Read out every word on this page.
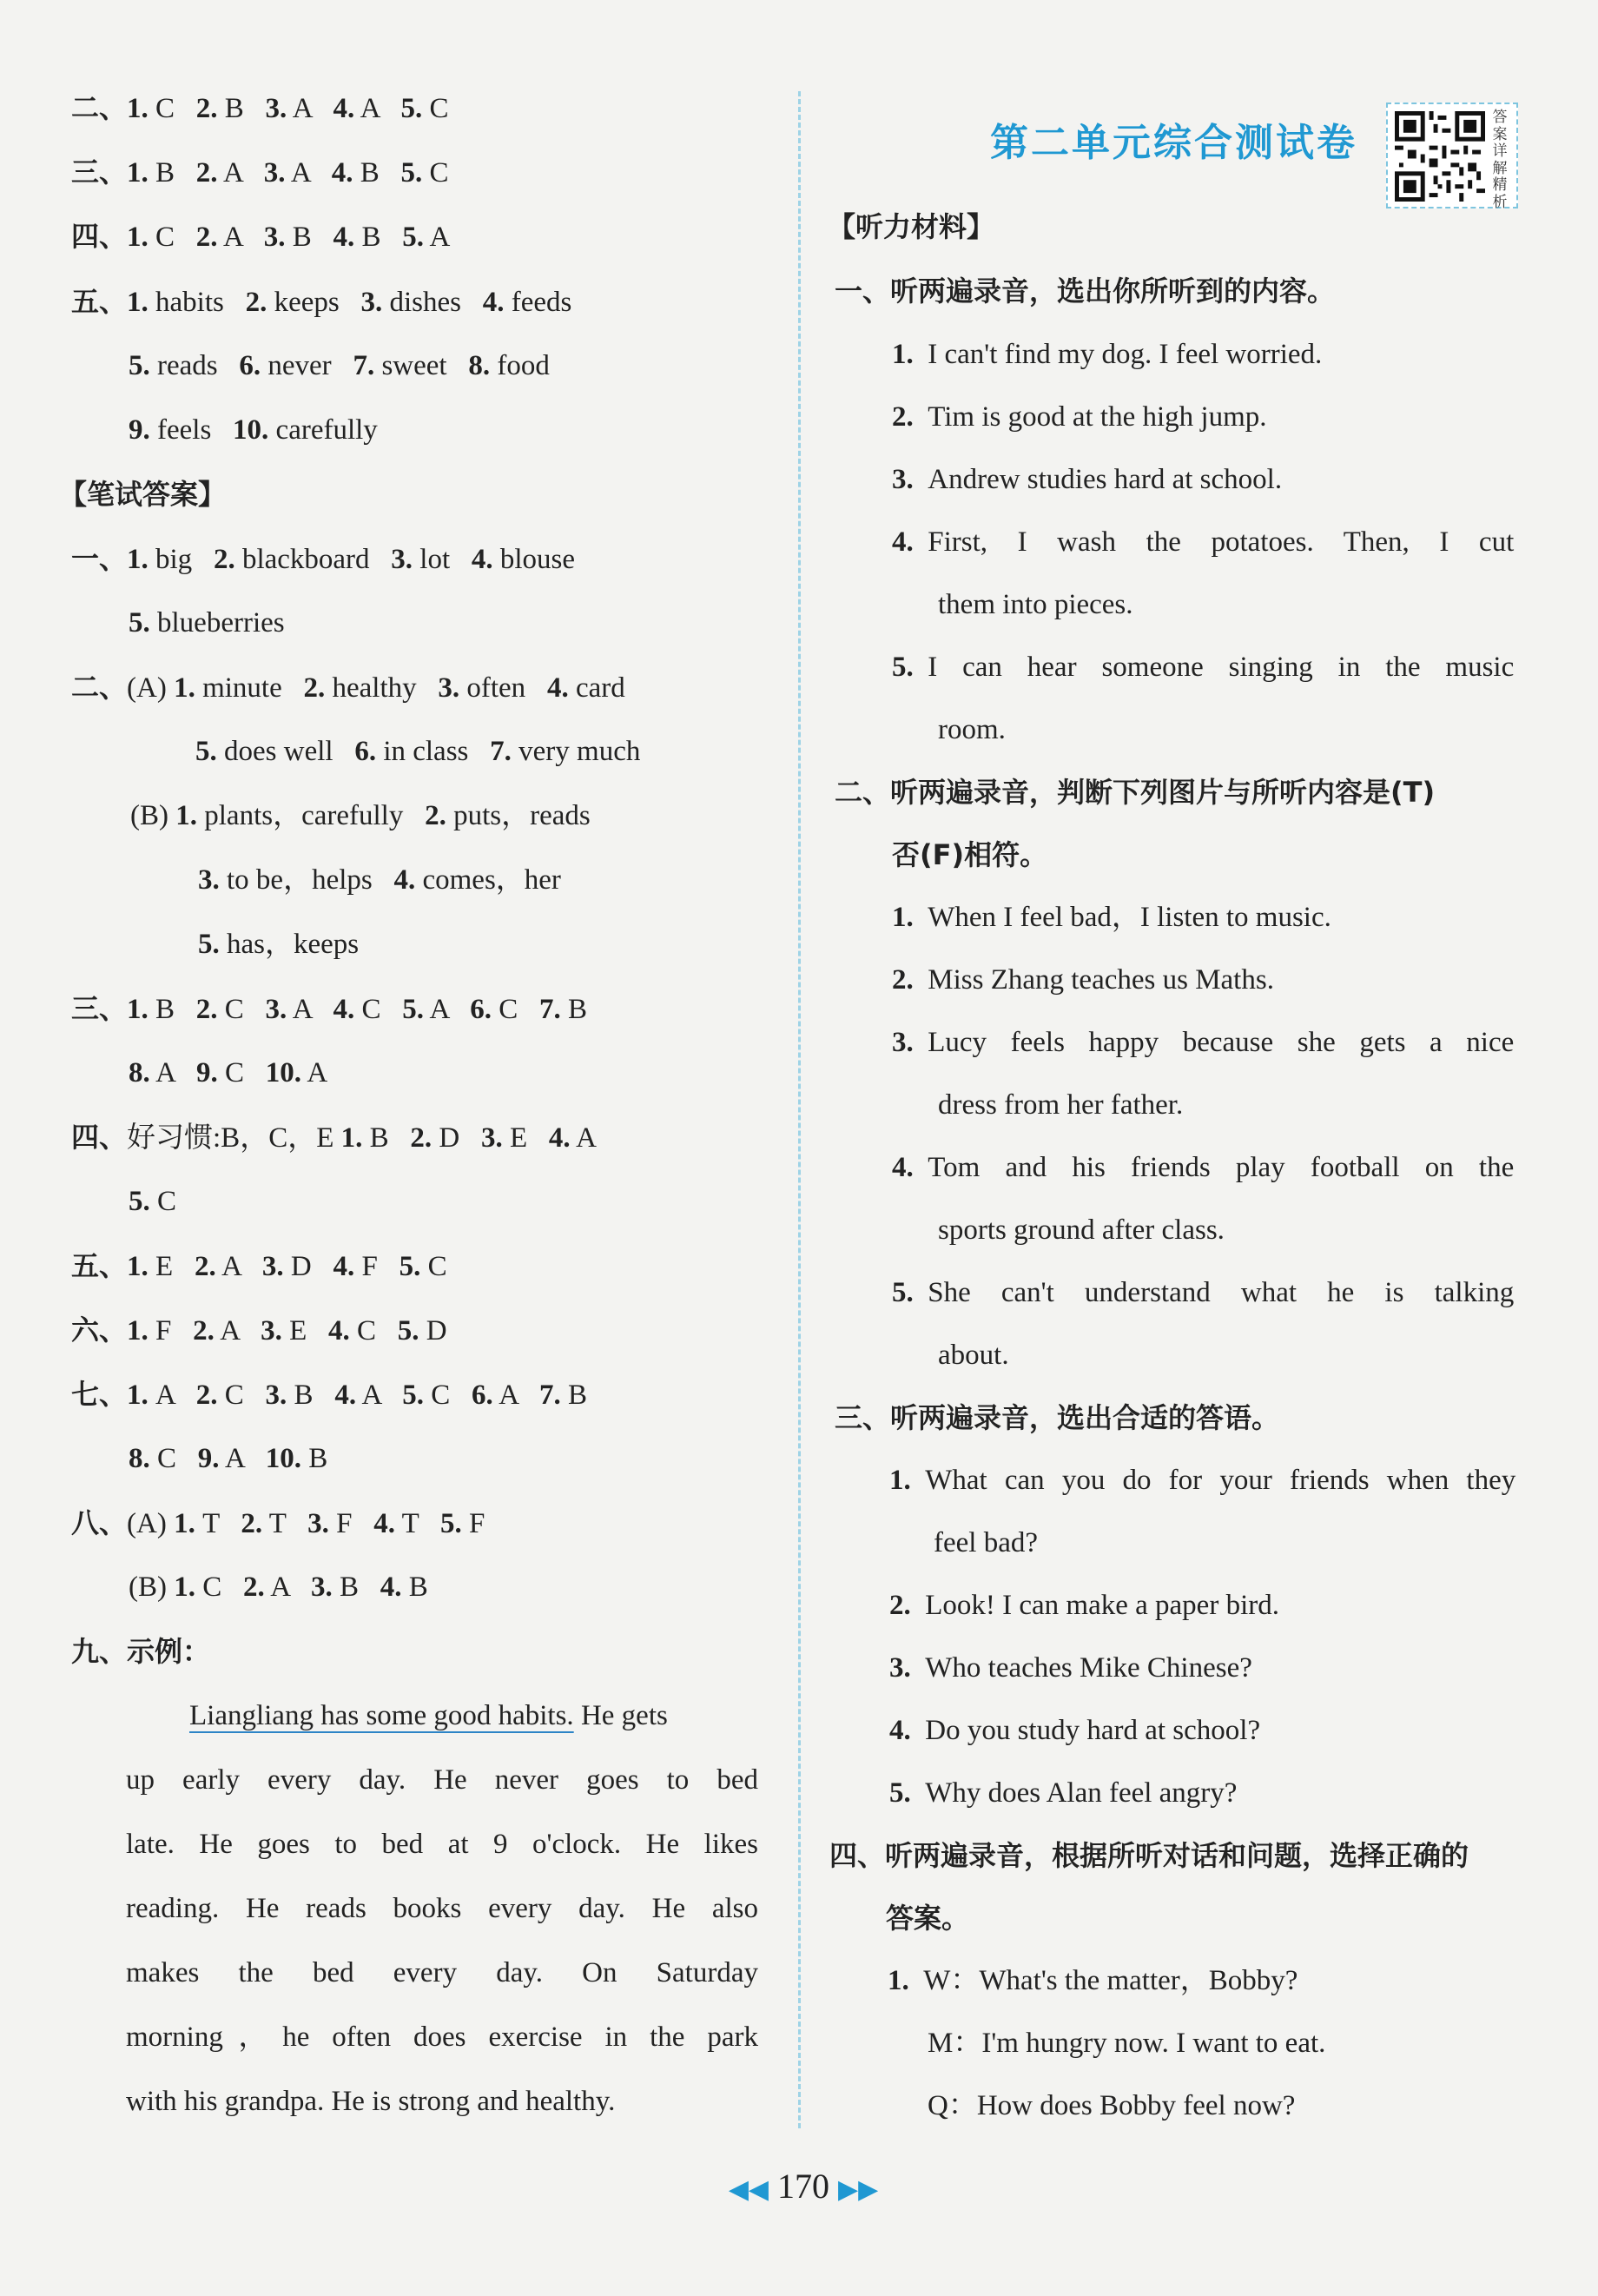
二、1. C   2. B   3. A   4. A   5. C
三、1. B   2. A   3. A   4. B   5. C
四、1. C   2. A   3. B   4. B   5. A
五、1. habits   2. keeps   3. dishes   4. feeds
5. reads   6. never   7. sweet   8. food
9. feels   10. carefully
【笔试答案】
一、1. big   2. blackboard   3. lot   4. blouse
5. blueberries
二、(A) 1. minute   2. healthy   3. often   4. card
5. does well   6. in class   7. very much
(B) 1. plants，carefully   2. puts，reads
3. to be，helps   4. comes，her
5. has，keeps
三、1. B   2. C   3. A   4. C   5. A   6. C   7. B
8. A   9. C   10. A
四、好习惯:B，C，E 1. B   2. D   3. E   4. A
5. C
五、1. E   2. A   3. D   4. F   5. C
六、1. F   2. A   3. E   4. C   5. D
七、1. A   2. C   3. B   4. A   5. C   6. A   7. B
8. C   9. A   10. B
八、(A) 1. T   2. T   3. F   4. T   5. F
(B) 1. C   2. A   3. B   4. B
九、示例：
Liangliang has some good habits. He gets
up early every day. He never goes to bed
late. He goes to bed at 9 o'clock. He likes
reading. He reads books every day. He also
makes the bed every day. On Saturday
morning，he often does exercise in the park
with his grandpa. He is strong and healthy.
第二单元综合测试卷
答案详解精析
【听力材料】
一、听两遍录音，选出你所听到的内容。
1. I can't find my dog. I feel worried.
2. Tim is good at the high jump.
3. Andrew studies hard at school.
4. First, I wash the potatoes. Then, I cut
them into pieces.
5. I can hear someone singing in the music
room.
二、听两遍录音，判断下列图片与所听内容是(T)
否(F)相符。
1. When I feel bad，I listen to music.
2. Miss Zhang teaches us Maths.
3. Lucy feels happy because she gets a nice
dress from her father.
4. Tom and his friends play football on the
sports ground after class.
5. She can't understand what he is talking
about.
三、听两遍录音，选出合适的答语。
1. What can you do for your friends when they
feel bad?
2. Look! I can make a paper bird.
3. Who teaches Mike Chinese?
4. Do you study hard at school?
5. Why does Alan feel angry?
四、听两遍录音，根据所听对话和问题，选择正确的
答案。
1. W：What's the matter，Bobby?
M：I'm hungry now. I want to eat.
Q：How does Bobby feel now?
◀◀ 170 ▶▶
